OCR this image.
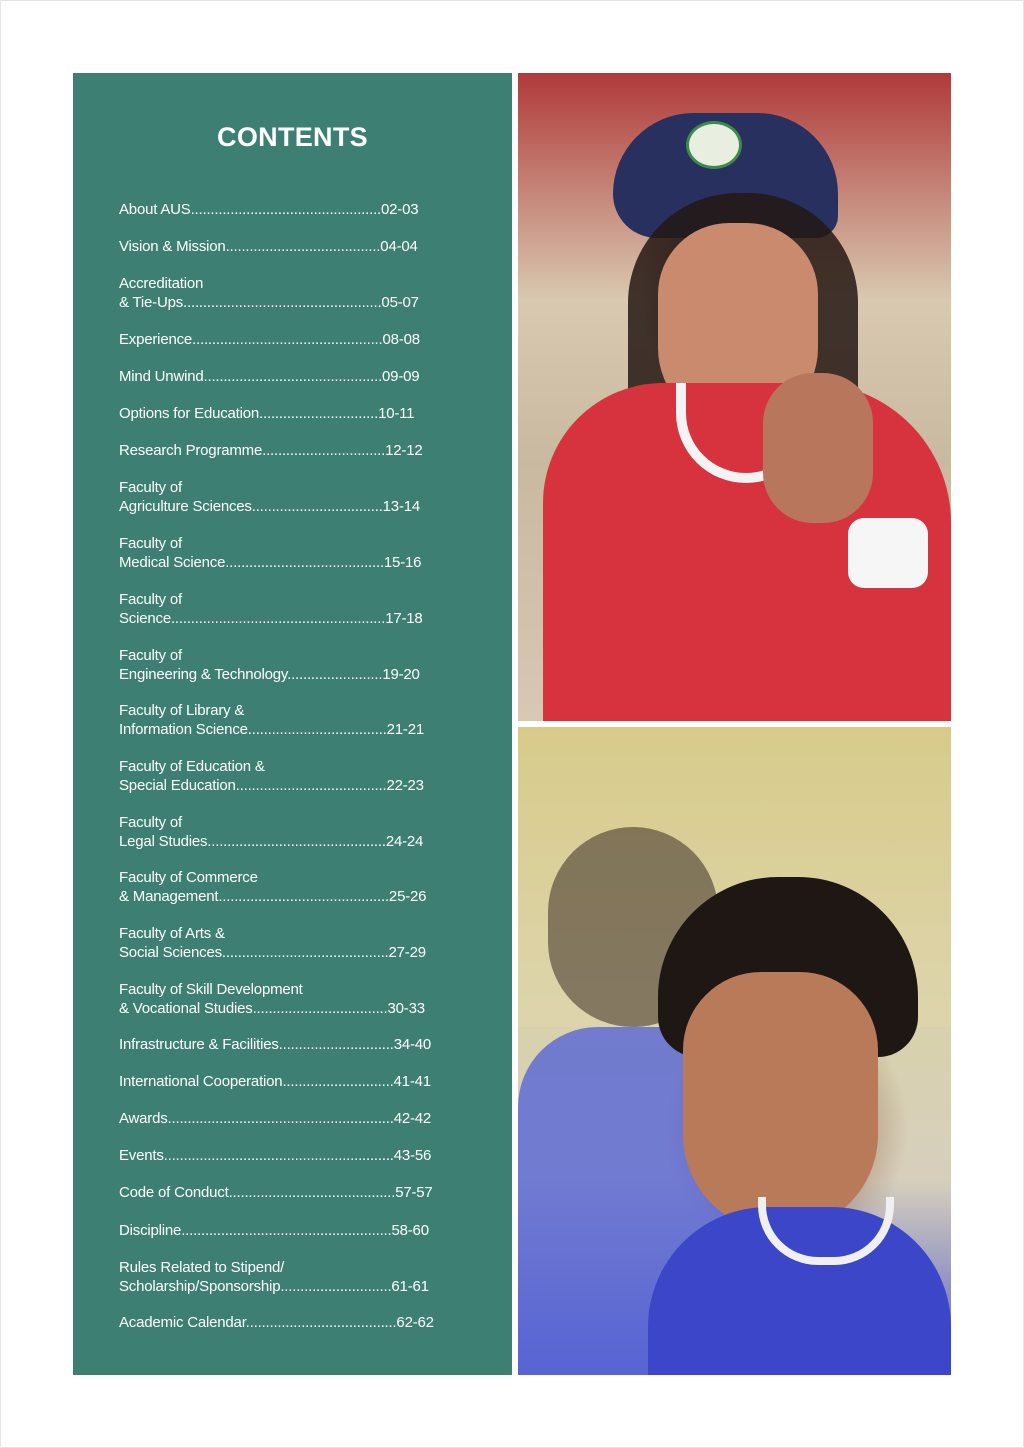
CONTENTS
About AUS................................................02-03
Vision & Mission.......................................04-04
Accreditation
& Tie-Ups..................................................05-07
Experience................................................08-08
Mind Unwind.............................................09-09
Options for Education..............................10-11
Research Programme...............................12-12
Faculty of
Agriculture Sciences.................................13-14
Faculty of
Medical Science........................................15-16
Faculty of
Science......................................................17-18
Faculty of
Engineering & Technology........................19-20
Faculty of Library &
Information Science...................................21-21
Faculty of Education &
Special Education......................................22-23
Faculty of
Legal Studies.............................................24-24
Faculty of Commerce
& Management...........................................25-26
Faculty of Arts &
Social Sciences..........................................27-29
Faculty of Skill Development
& Vocational Studies..................................30-33
Infrastructure & Facilities.............................34-40
International Cooperation............................41-41
Awards.........................................................42-42
Events..........................................................43-56
Code of Conduct..........................................57-57
Discipline.....................................................58-60
Rules Related to Stipend/
Scholarship/Sponsorship............................61-61
Academic Calendar......................................62-62
